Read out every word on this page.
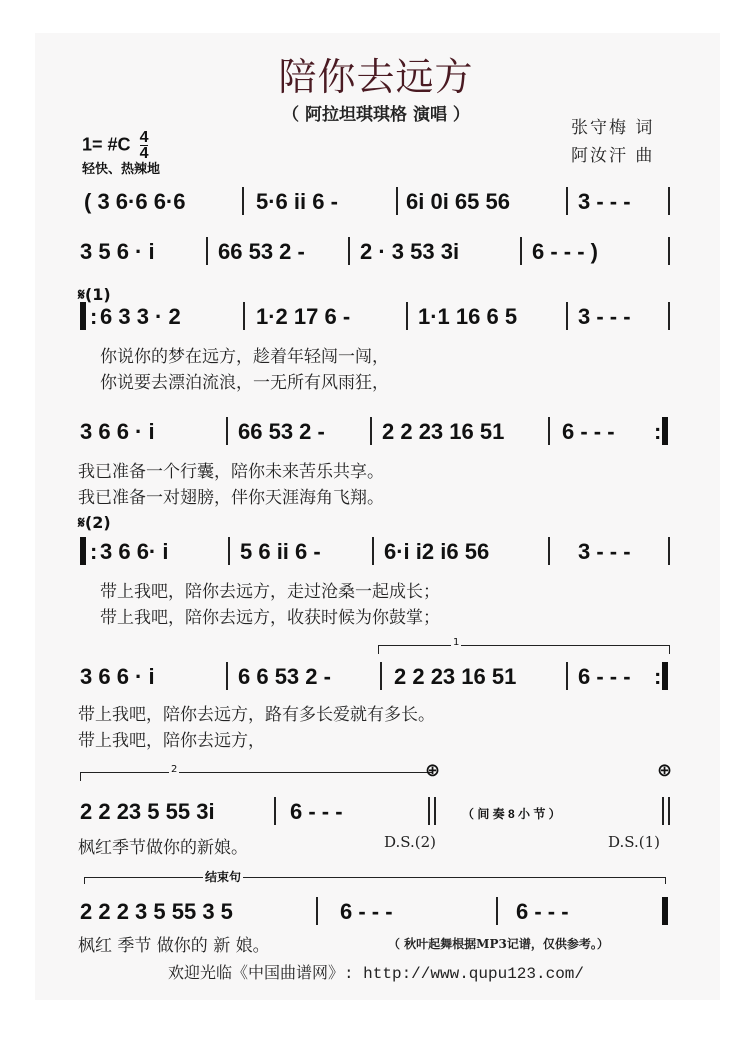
陪你去远方
（ 阿拉坦琪琪格 演唱 ）
张守梅 词
阿汝汗 曲
1= #C $\frac{4}{4}$
轻快、热辣地
( 3 6·6 6·6	5·6 ii 6 -	6i 0i 65 56	3 - - -
3 5 6 · i	66 53 2 -	2 · 3 53 3i	6 - - - )
𝄋(1)
: 6 3 3 · 2	1·2 17 6 -	1·1 16 6 5	3 - - -
你说你的梦在远方，趁着年轻闯一闯，
你说要去漂泊流浪，一无所有风雨狂，
3 6 6 · i	66 53 2 -	2 2 23 16 51	6 - - - :
我已准备一个行囊，陪你未来苦乐共享。
我已准备一对翅膀，伴你天涯海角飞翔。
𝄋(2)
: 3 6 6· i	5 6 ii 6 -	6·i i2 i6 56	3 - - -
带上我吧，陪你去远方，走过沧桑一起成长；
带上我吧，陪你去远方，收获时候为你鼓掌；
1
3 6 6 · i	6 6 53 2 -	2 2 23 16 51	6 - - - :
带上我吧，陪你去远方，路有多长爱就有多长。
带上我吧，陪你去远方，
2	⊕	⊕
2 2 23 5 55 3i	6 - - -	（ 间 奏 8 小 节 ）
枫红季节做你的新娘。	D.S.(2)	D.S.(1)
结束句
2 2 2 3 5 55 3 5	6 - - -	6 - - -
枫红 季节 做你的 新 娘。	（ 秋叶起舞根据MP3记谱，仅供参考。）
欢迎光临《中国曲谱网》: http://www.qupu123.com/
